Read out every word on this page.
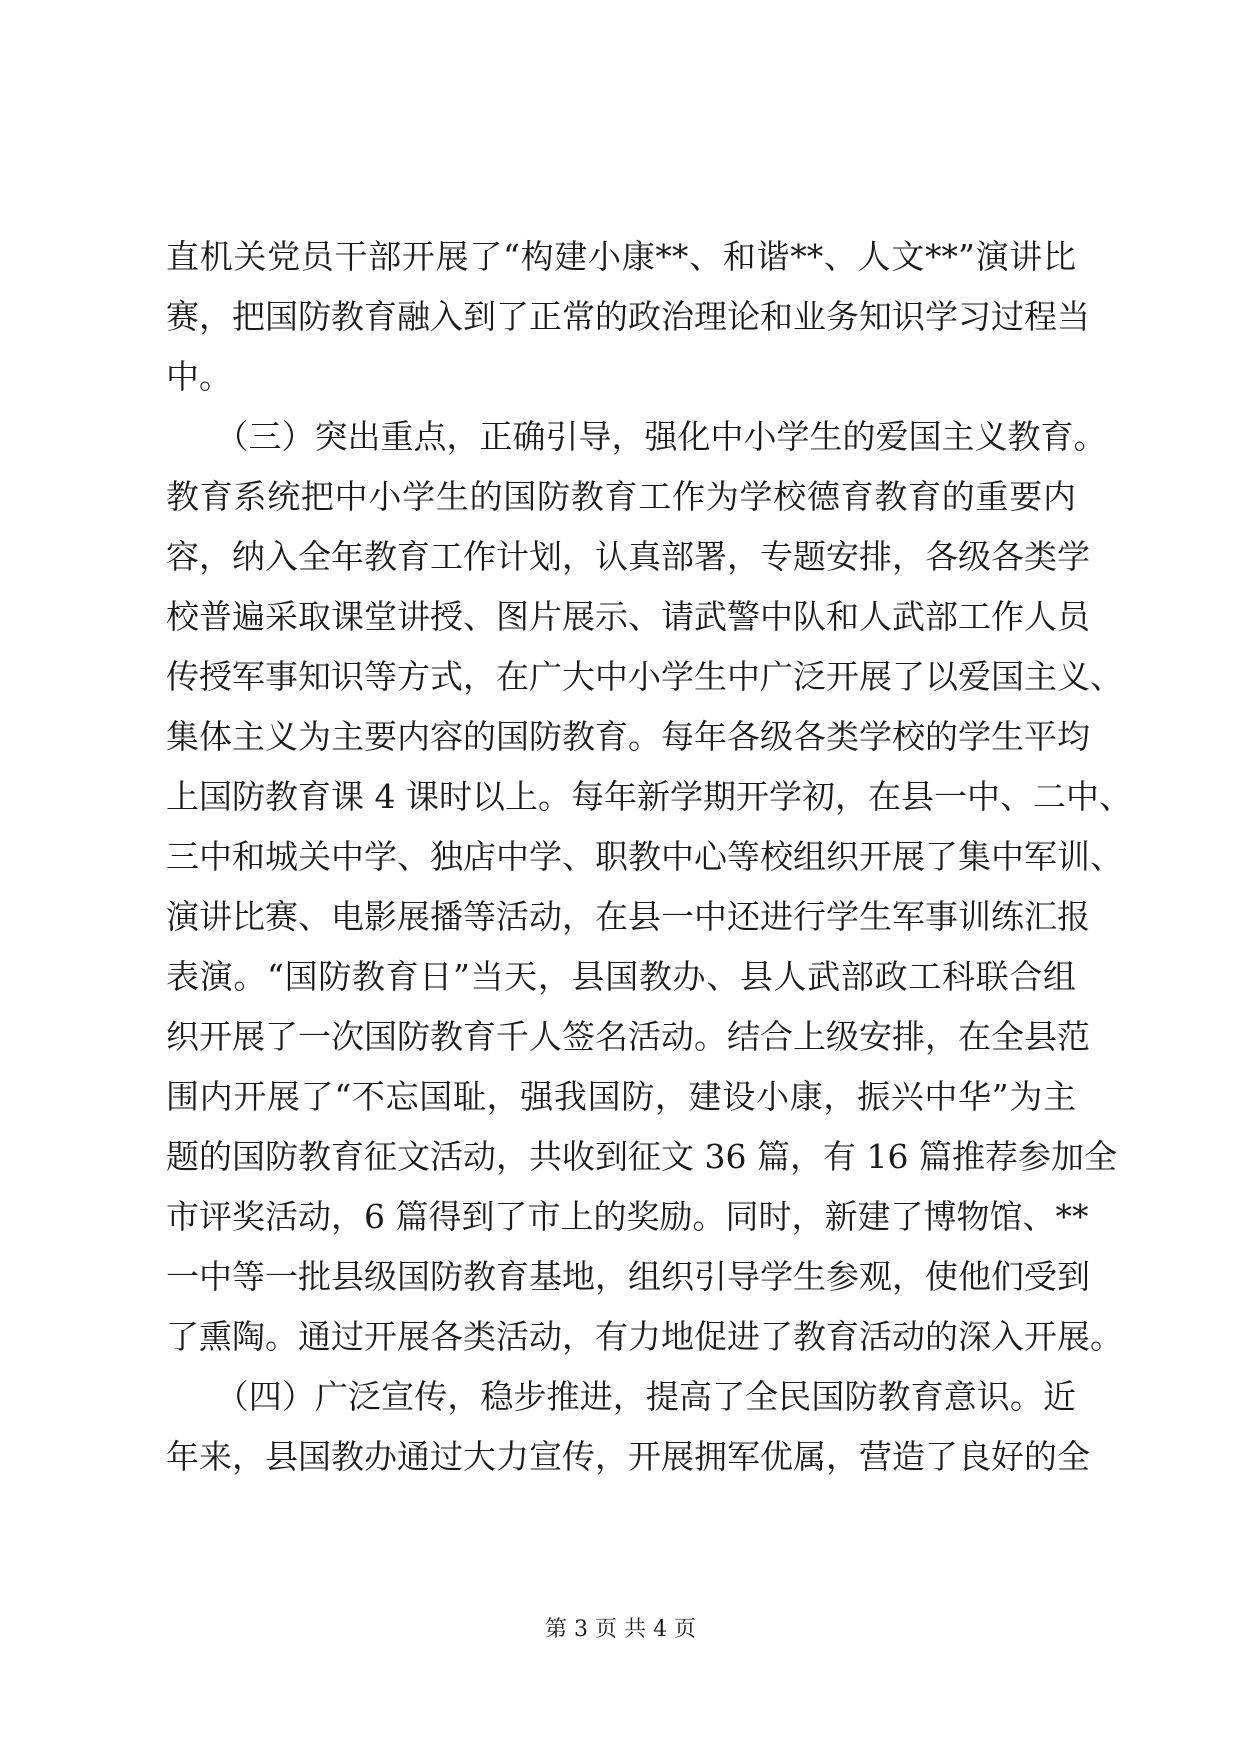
直机关党员干部开展了“构建小康**、和谐**、人文**”演讲比
赛，把国防教育融入到了正常的政治理论和业务知识学习过程当
中。
　　（三）突出重点，正确引导，强化中小学生的爱国主义教育。
教育系统把中小学生的国防教育工作为学校德育教育的重要内
容，纳入全年教育工作计划，认真部署，专题安排，各级各类学
校普遍采取课堂讲授、图片展示、请武警中队和人武部工作人员
传授军事知识等方式，在广大中小学生中广泛开展了以爱国主义、
集体主义为主要内容的国防教育。每年各级各类学校的学生平均
上国防教育课 4 课时以上。每年新学期开学初，在县一中、二中、
三中和城关中学、独店中学、职教中心等校组织开展了集中军训、
演讲比赛、电影展播等活动，在县一中还进行学生军事训练汇报
表演。“国防教育日”当天，县国教办、县人武部政工科联合组
织开展了一次国防教育千人签名活动。结合上级安排，在全县范
围内开展了“不忘国耻，强我国防，建设小康，振兴中华”为主
题的国防教育征文活动，共收到征文 36 篇，有 16 篇推荐参加全
市评奖活动，6 篇得到了市上的奖励。同时，新建了博物馆、**
一中等一批县级国防教育基地，组织引导学生参观，使他们受到
了熏陶。通过开展各类活动，有力地促进了教育活动的深入开展。
　　（四）广泛宣传，稳步推进，提高了全民国防教育意识。近
年来，县国教办通过大力宣传，开展拥军优属，营造了良好的全
第 3 页 共 4 页
